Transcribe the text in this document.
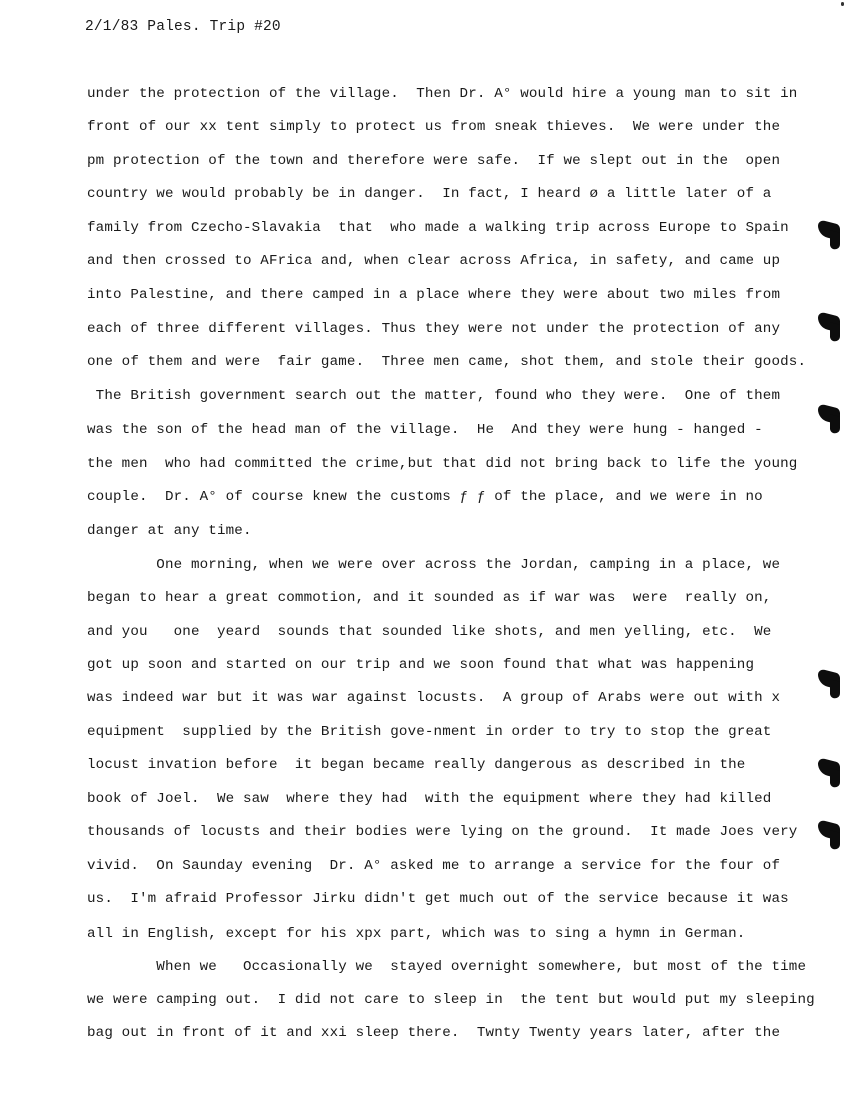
2/1/83 Pales. Trip #20
under the protection of the village.  Then Dr. A° would hire a young man to sit in
front of our xx tent simply to protect us from sneak thieves.  We were under the
pm protection of the town and therefore were safe.  If we slept out in the  open
country we would probably be in danger.  In fact, I heard ø a little later of a
family from Czecho-Slavakia  that  who made a walking trip across Europe to Spain
and then crossed to AFrica and, when clear across Africa, in safety, and came up
into Palestine, and there camped in a place where they were about two miles from
each of three different villages. Thus they were not under the protection of any
one of them and were  fair game.  Three men came, shot them, and stole their goods.
The British government search out the matter, found who they were.  One of them
was the son of the head man of the village.  He  And they were hung - hanged -
the men  who had committed the crime,but that did not bring back to life the young
couple.  Dr. A° of course knew the customs ƒ ƒ of the place, and we were in no
danger at any time.
One morning, when we were over across the Jordan, camping in a place, we
began to hear a great commotion, and it sounded as if war was  were  really on,
and you   one  yeard  sounds that sounded like shots, and men yelling, etc.  We
got up soon and started on our trip and we soon found that what was happening
was indeed war but it was war against locusts.  A group of Arabs were out with x
equipment  supplied by the British gove-nment in order to try to stop the great
locust invation before  it began became really dangerous as described in the
book of Joel.  We saw  where they had  with the equipment where they had killed
thousands of locusts and their bodies were lying on the ground.  It made Joes very
vivid.  On Saunday evening  Dr. A° asked me to arrange a service for the four of
us.  I'm afraid Professor Jirku didn't get much out of the service because it was
all in English, except for his xpx part, which was to sing a hymn in German.
When we   Occasionally we  stayed overnight somewhere, but most of the time
we were camping out.  I did not care to sleep in  the tent but would put my sleeping
bag out in front of it and xxi sleep there.  Twnty Twenty years later, after the
